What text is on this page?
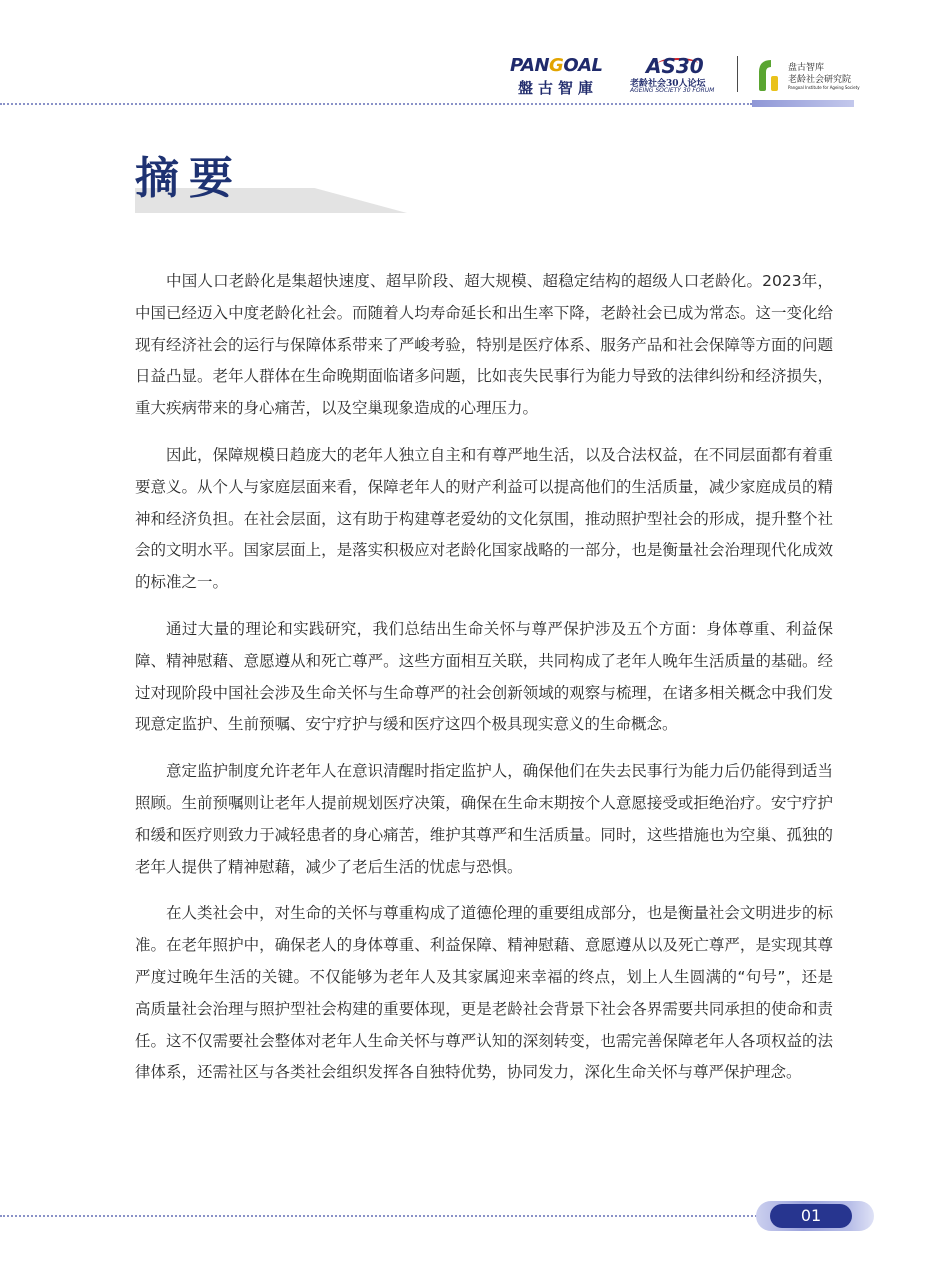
PANGOAL
盤古智庫
AS30
老龄社会30人论坛
AGEING SOCIETY 30 FORUM
盘古智库
老龄社会研究院
Pangoal Institute for Ageing Society
摘要

中国人口老龄化是集超快速度、超早阶段、超大规模、超稳定结构的超级人口老龄化。2023年，中国已经迈入中度老龄化社会。而随着人均寿命延长和出生率下降，老龄社会已成为常态。这一变化给现有经济社会的运行与保障体系带来了严峻考验，特别是医疗体系、服务产品和社会保障等方面的问题日益凸显。老年人群体在生命晚期面临诸多问题，比如丧失民事行为能力导致的法律纠纷和经济损失，重大疾病带来的身心痛苦，以及空巢现象造成的心理压力。

因此，保障规模日趋庞大的老年人独立自主和有尊严地生活，以及合法权益，在不同层面都有着重要意义。从个人与家庭层面来看，保障老年人的财产利益可以提高他们的生活质量，减少家庭成员的精神和经济负担。在社会层面，这有助于构建尊老爱幼的文化氛围，推动照护型社会的形成，提升整个社会的文明水平。国家层面上，是落实积极应对老龄化国家战略的一部分，也是衡量社会治理现代化成效的标准之一。

通过大量的理论和实践研究，我们总结出生命关怀与尊严保护涉及五个方面：身体尊重、利益保障、精神慰藉、意愿遵从和死亡尊严。这些方面相互关联，共同构成了老年人晚年生活质量的基础。经过对现阶段中国社会涉及生命关怀与生命尊严的社会创新领域的观察与梳理，在诸多相关概念中我们发现意定监护、生前预嘱、安宁疗护与缓和医疗这四个极具现实意义的生命概念。

意定监护制度允许老年人在意识清醒时指定监护人，确保他们在失去民事行为能力后仍能得到适当照顾。生前预嘱则让老年人提前规划医疗决策，确保在生命末期按个人意愿接受或拒绝治疗。安宁疗护和缓和医疗则致力于减轻患者的身心痛苦，维护其尊严和生活质量。同时，这些措施也为空巢、孤独的老年人提供了精神慰藉，减少了老后生活的忧虑与恐惧。

在人类社会中，对生命的关怀与尊重构成了道德伦理的重要组成部分，也是衡量社会文明进步的标准。在老年照护中，确保老人的身体尊重、利益保障、精神慰藉、意愿遵从以及死亡尊严，是实现其尊严度过晚年生活的关键。不仅能够为老年人及其家属迎来幸福的终点，划上人生圆满的“句号”，还是高质量社会治理与照护型社会构建的重要体现，更是老龄社会背景下社会各界需要共同承担的使命和责任。这不仅需要社会整体对老年人生命关怀与尊严认知的深刻转变，也需完善保障老年人各项权益的法律体系，还需社区与各类社会组织发挥各自独特优势，协同发力，深化生命关怀与尊严保护理念。

01
